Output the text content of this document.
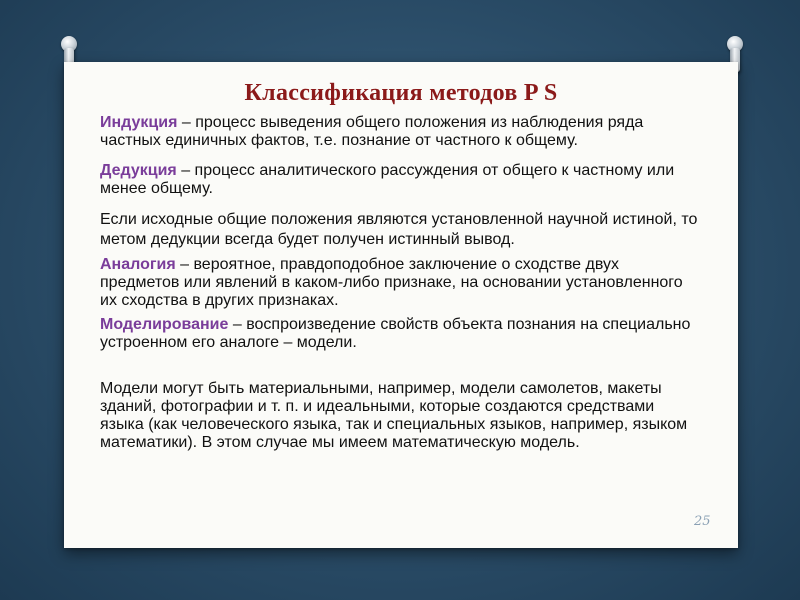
Классификация методов P S

Индукция – процесс выведения общего положения из наблюдения ряда частных единичных фактов, т.е. познание от частного к общему.

Дедукция – процесс аналитического рассуждения от общего к частному или менее общему.

Если исходные общие положения являются установленной научной истиной, то метом дедукции всегда будет получен истинный вывод.

Аналогия – вероятное, правдоподобное заключение о сходстве двух предметов или явлений в каком-либо признаке, на основании установленного их сходства в других признаках.

Моделирование – воспроизведение свойств объекта познания на специально устроенном его аналоге – модели.

Модели могут быть материальными, например, модели самолетов, макеты зданий, фотографии и т. п. и идеальными, которые создаются средствами языка (как человеческого языка, так и специальных языков, например, языком математики). В этом случае мы имеем математическую модель.

25
